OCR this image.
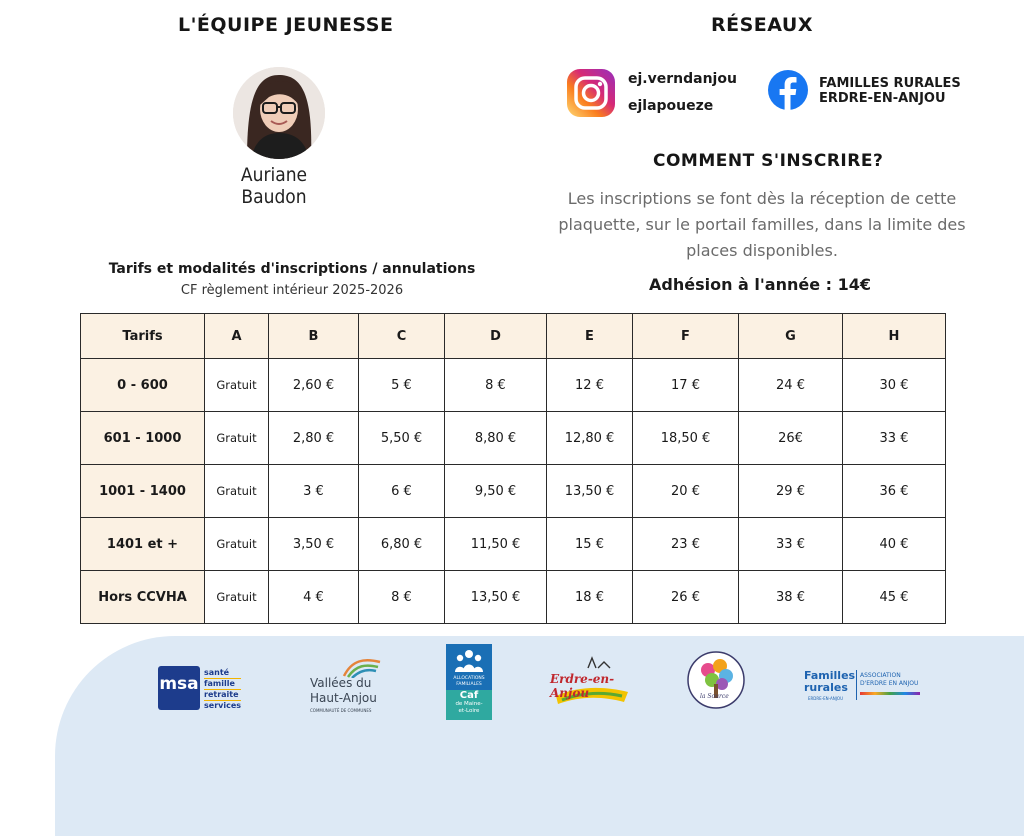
L'ÉQUIPE JEUNESSE	RÉSEAUX
Auriane
Baudon
ej.verndanjou
ejlapoueze
FAMILLES RURALES
ERDRE-EN-ANJOU
COMMENT S'INSCRIRE?
Les inscriptions se font dès la réception de cette plaquette, sur le portail familles, dans la limite des places disponibles.
Adhésion à l'année : 14€
Tarifs et modalités d'inscriptions / annulations
CF règlement intérieur 2025-2026
Tarifs	A	B	C	D	E	F	G	H
0 - 600	Gratuit	2,60 €	5 €	8 €	12 €	17 €	24 €	30 €
601 - 1000	Gratuit	2,80 €	5,50 €	8,80 €	12,80 €	18,50 €	26€	33 €
1001 - 1400	Gratuit	3 €	6 €	9,50 €	13,50 €	20 €	29 €	36 €
1401 et +	Gratuit	3,50 €	6,80 €	11,50 €	15 €	23 €	33 €	40 €
Hors CCVHA	Gratuit	4 €	8 €	13,50 €	18 €	26 €	38 €	45 €
msa
santé
famille
retraite
services
Vallées du
Haut-Anjou
COMMUNAUTÉ DE COMMUNES
ALLOCATIONS
FAMILIALES
Caf
de Maine-
et-Loire
Erdre-en-Anjou	la Source
Familles
rurales
ERDRE-EN-ANJOU
ASSOCIATION
D'ERDRE EN ANJOU
